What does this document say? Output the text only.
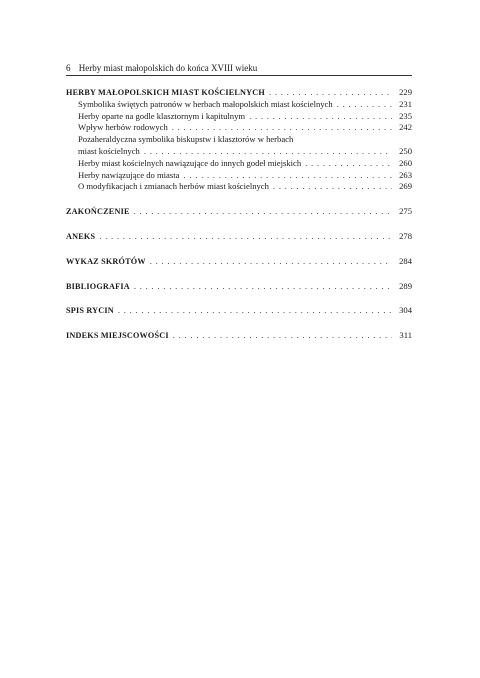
6 Herby miast małopolskich do końca XVIII wieku
HERBY MAŁOPOLSKICH MIAST KOŚCIELNYCH . . .	229
Symbolika świętych patronów w herbach małopolskich miast kościelnych . . .	231
Herby oparte na godle klasztornym i kapitulnym . . .	235
Wpływ herbów rodowych . . .	242
Pozaheraldyczna symbolika biskupstw i klasztorów w herbach
miast kościelnych . . .	250
Herby miast kościelnych nawiązujące do innych godeł miejskich . . .	260
Herby nawiązujące do miasta . . .	263
O modyfikacjach i zmianach herbów miast kościelnych . . .	269
ZAKOŃCZENIE . . .	275
ANEKS . . .	278
WYKAZ SKRÓTÓW . . .	284
BIBLIOGRAFIA . . .	289
SPIS RYCIN . . .	304
INDEKS MIEJSCOWOŚCI . . .	311
